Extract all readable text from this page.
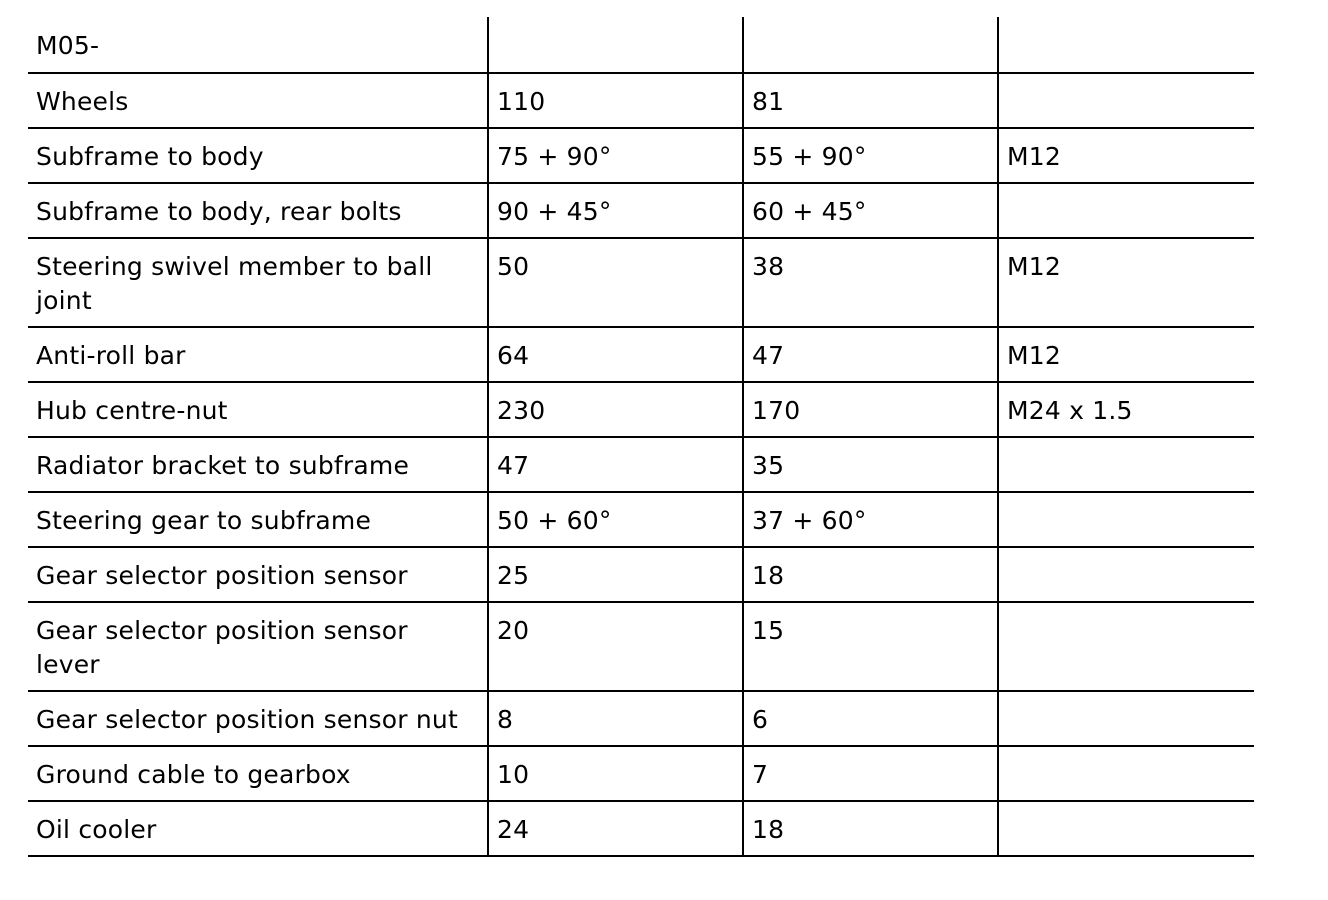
M05-			
Wheels	110	81	
Subframe to body	75 + 90°	55 + 90°	M12
Subframe to body, rear bolts	90 + 45°	60 + 45°	
Steering swivel member to ball joint	50	38	M12
Anti-roll bar	64	47	M12
Hub centre-nut	230	170	M24 x 1.5
Radiator bracket to subframe	47	35	
Steering gear to subframe	50 + 60°	37 + 60°	
Gear selector position sensor	25	18	
Gear selector position sensor lever	20	15	
Gear selector position sensor nut	8	6	
Ground cable to gearbox	10	7	
Oil cooler	24	18	
